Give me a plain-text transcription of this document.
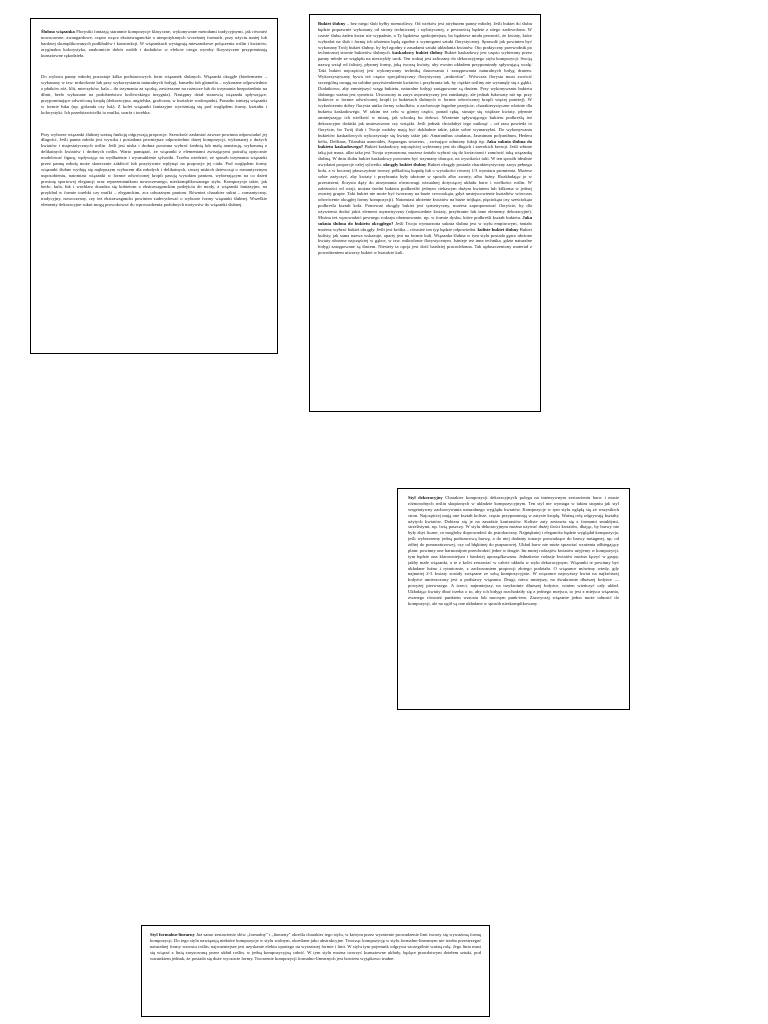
Ślubna wiązanka Florystki fantazją starannie kompozycje klasyczne, wykonywane metodami tradycyjnymi, jak również nowoczesne, awangardowe, często wręcz ekstrawaganckie o niespotykanych wcześniej formach, przy użyciu mniej lub bardziej skomplikowanych podkładów i konstrukcji. W wiązankach występują mieszankowe połączenia roślin i kwiatów, oryginalna kolorystyka, znakomicie dobór ozdób i dodatków w efekcie czego wyroby florystyczne przypominają kunsztowne rękodzieła.

Do wyboru panny młodej pozostaje kilka podstawowych form wiązanek ślubnych. Wiązanki okrągłe (biedermeier – wykonany w tzw. mikrolonie lub przy wykorzystaniu naturalnych łodyg), kameliu lub glamelia – wykonane odpowiednio z płatków róż, lilii, mieczyków, kala – do trzymania za rączkę, zawieszone na rożnicze lub do trzymania bezpośrednio na dłoni, berło wykonane na podobieństwo królewskiego insygnia). Następny dział stanowią wiązanki spływające, przypominające odwróconą kroplę (dekoracyjna, angielska, graficzna, w kształcie wodospadu). Ponadto istnieją wiązanki w formie łuku (np. girlanda czy luk). Z kolei wiązanki fantazyjne wyróżniają się pod względem formy, kształtu i kolorystyki. Ich przedstawicielki to mufka, szarfa i torebka.

Przy wyborze wiązanki ślubnej ważną funkcję odgrywają proporcje. Szerokość zasłaniać zawsze powinna odpowiadać jej długości. Jeśli panna młoda jest wysoka i posiadana pewniejsze odpowiednio dużej kompozycji, wykonanej z dużych kwiatów i majestatycznych roślin. Jeśli jest niska i drobna powinna wybrać średnią lub małą aranżację, wykonaną z delikatnych kwiatów i drobnych roślin. Warto pamiętać, że wiązanki z elementami zwisającymi potrafią optycznie modelować figurę, wpływając na wydłużenie i wysmuklenie sylwetki. Trzeba wiedzieć, że sposób trzymania wiązanki przez pannę młodą może skutecznie zakłócić lub pozytywnie wpłynąć na proporcje jej ciała. Pod względem formy wiązanki ślubne wydają się najlepszym wyborem dla młodych i delikatnych, raczej niskich dziewcząt o romantycznym usposobieniu, natomiast wiązanki w formie odwróconej kropli pasują wysokim paniom, wybierającym na co dzień prostotę sportowej elegancji oraz reprezentantkom nowoczesnego, nieskomplikowanego stylu. Kompozycje takie, jak berło, kula, łuk i wachlarz doradza się kobietom o ekstrawaganckim podejściu do mody, a wiązanki fantazyjne, na przykład w formie torebki czy mufki – eleganckim, acz odważnym paniom. Również charakter sukni – romantyczny, tradycyjny, nowoczesny, czy też ekstrawagancki powinien zadecydować o wyborze formy wiązanki ślubnej. Wszelkie elementy dekoracyjne sukni mogą prowokować do wprowadzenia podobnych motywów do wiązanki ślubnej.

Bukiet ślubny – bez niego ślub byłby niemożliwy. Od wieków jest atrybutem panny młodej. Jeśli bukiet do ślubu będzie poprawnie wykonany od strony technicznej i stylistycznej, z pewnością będzie z niego zadowolona. W czasie ślubu żaden kwiat nie wypadnie, a Ty będziesz spokojniejsza, bo będziesz miała pewność, że kwiaty, które wybrałaś na ślub i formę ich ułożenia będą zgodne z wymogami sztuki florystycznej. Sprawdź jak powinien być wykonany Twój bukiet ślubny, by był zgodny z zasadami sztuki układania kwiatów. Oto praktyczny przewodnik po technicznej stronie bukietów ślubnych. kaskadowy bukiet ślubny Bukiet kaskadowy jest często wybierany przez panny młode ze względu na niezwykły urok. Ten rodzaj jest zaliczany do dekoracyjnego stylu kompozycji. Swoją nazwę wziął od falistej, płynnej formy, jaką tworzą kwiaty, aby ewoim układem przypominały spływającą wodę. Taki bukiet najczęściej jest wykonywany techniką drutowania i zastępowania naturalnych łodyg drutem. Wykorzystywany bywa też często specjalistyczny florystyczny „mikrofon". Wówczas florysta musi zwrócić szczególną uwagę na solidne przytwierdzenie kwiatów i przybrania tak, by ciężkie rośliny nie wysunęły się z gąbki. Dodatkowo, aby zmniejszyć wagę bukietu, naturalne łodygi zastępowane są drutem. Przy wykonywaniu bukietu ślubnego ważna jest symetria. Utworzony tu zarys asymetryczny jest zamknięty, ale jednak łukowaty niż np. przy bukiecie w formie odwróconej kropli (o bukietach ślubnych w formie odwróconej kropli więcej poniżej). W wykończeniu dobry florysta unika formy schodków, a zachowuje łagodne przejście, charakterystyczne właśnie dla bukietu kaskadowego. W takim też celu w górnej części, ponad rękę, stosuje się większe kwiaty, płynnie zmniejszając ich wielkość w miarę, jak schodzą ku dołowi. Wrażenie spływającego bukietu podkreślą też dekoracyjne dodatki jak umieszczone czy wstążki. Jeśli jednak chciałabyś tego uniknąć – od razu powiedz to floryście, bo Twój ślub i Twoje ozdoby mają być dokładnie takie, jakie sobie wymarzyłaś. Do wykonywania bukietów kaskadowych wykorzystuje się kwiaty takie jak: Amaranthus caudatus, Jasminum polyanthum, Hedera helix, Delfinas, Tilandsia usneoides, Asparagus setaceus, , zwisające odmiany fuksji itp. Jaka suknia ślubna do bukietu kaskadowego? Bukiet kaskadowy najczęściej wybierany jest do długich i szerokich kreacji. Jeśli wbinie taką już masz, albo taka jest Twoja wymarzona, możesz śmiało wybrać się do kwiaciarni i zamówić taką wiązankę ślubną. W dniu ślubu bukiet kaskadowy powinien być trzymany oburącz, na wysokości talii. W ten sposób idealnie uwydatni proporcje całej sylwetki. okrągły bukiet ślubny Bukiet okrągły posiada charakterystyczny zarys pełnego koła, a w bocznej płaszczyźnie tworzy półkolistą kopułę lub o wysokości równej 1/3 wymiaru promienia. Możesz sobie zażyczyć, aby kwiaty i przybrania były ułożone w sposób albo zwarty, albo luźny. Rozkładając je w przestrzeni, florysta dąży do utrzymania równowagi wizualnej dotyczącej układu barw i wielkości roślin. W zależności od wizji, można średni bukietu podkreślić jednym ciekawym dużym kwiatem lub kilkoma w jednej zwartej grupie. Taki bukiet nie może być tworzony na bazie czworokąta, gdyż umiejscowienie kształtów wówczas odwrócenie okrągłej formy kompozycji). Natomiast ułożenie kwiatów na bazie trójkąta, pięciokąta czy sześciokąta podkreśla kształt koła. Ponieważ okrągły bukiet jest symetryczny, możesz zaproponować floryście, by dla ożywienia dodać jakiś element asymetryczny (odpowiednie kwiaty, przybranie lub inne elementy dekoracyjne). Można też wprowadzić pewnego rodzaju obramowanie, np. w formie dysku, które podkreśli kształt bukietu. Jaka suknia ślubna do bukietu okrągłego? Jeśli Twoja wymarzona suknia ślubna jest w stylu empirowym, śmiało możesz wybrać bukiet okrągły. Jeśli jest krótka – również ten typ będzie odpowiedni. kuliste bukiet ślubny Bukiet kulisty, jak sama nazwa wskazuje, oparty jest na formie kuli. Wiązanka ślubna w tym stylu posiada gęsto ułożone kwiaty ułożone najczęściej w gąbce, w tzw. mikrofonie florystycznym. Istnieje też inna technika, gdzie naturalne łodygi zastępowane są drutem. Niestety ta opcja jest dość bardziej pracochłonna. Tak upłaszczeniony materiał z powodzeniem utworzy bukiet w kształcie kuli.

Styl dekoracyjny Charakter kompozycji dekoracyjnych polega na intensywnym zestawieniu barw i masie różnorodnych roślin skupionych w układzie kompozycyjnym. Ten styl nie wymaga w takim stopniu jak styl wegetatywny zachowywania naturalnego wyglądu kwiatów. Kompozycje w tym stylu oglądą się ze wszystkich stron. Najczęściej mają one kształt koliste, często przypominają w zarysie kroplę. Ważną rolę odgrywają kształty użytych kwiatów. Dobiera się je na zasadzie kontrastów. Koliste zaty zestawia się z formami smukłymi, strzelistymi, np. lwią paszczy. W stylu dekoracyjnym można używać dużej ilości kwiatów, dbając, by barwy nie były zbyt liczne, co mogłoby doprowadzić do pstrokacizny. Najpiękniej i elegancko będzie wyglądał kompozycja, jeśli wybierzemy jedną podstawową barwę, a do niej dodamy tonacje prowadzące do barwy następnej, np. od żółtej do pomarańczowej, czy od błękitnej do purpurowej. Układ barw nie może sprawiać wrażenia odbiegający plam: powinny one harmonijnie przechodzić jedne w drugie. Im mniej rodzajów kwiatów użyjemy w kompozycji, tym będzie ona klarowniejsza i bardziej uporządkowana. Jednakowe rodzaje kwiatów można łączyć w grupy, jakby małe wiązanki, a te z kolei zestawiać w całość układu w stylu dekoracyjnym. Wiązanki te powinny być układane luźno i rytmicznie, z zachowaniem proporcji złotego podziału. O wiązance mówimy wtedy, gdy najmniej 2-3 kwiaty zostały związane ze sobą kompozycyjnie. W wiązance najwyższy kwiat na najkrótszej łodyżce umieszczony jest u podstawy wiązania. Drugi, nieco mniejszy, na dwukrotnie dłuższej łodyżce — powyżej pierwszego. A trzeci, najmniejszy, na trzykrotnie dłuższej łodyżce, winien wieńczyć cały układ. Układając kwiaty dbać trzeba o to, aby ich łodygi rozchodziły się z jednego miejsca, to jest z miejsca wiązania, zwanego również punktem wzrostu lub mocnym punk-tem. Zazwyczaj wiązanie jedno może odnosić do kompozycji, ale na ogół są one układane w sposób nieskomplikowany .

Styl formalno-linearny Już samo zestawienie słów „formalny" i „linearny" określa charakter tego stylu, w którym przez wyrażenie prowadzenie linii tworzy się wyważoną formę kompozycji. Do tego stylu nawiązują niektóre kompozycje w stylu wolnym, określane jako abstrakcyjne. Tworząc kompozycję w stylu formalno-linearnym nie trzeba przestrzegać naturalnej formy wzrostu roślin, najważniejsze jest uzyskanie efektu opartego na wyrazistej formie i linii. W stylu tym pojemnik odgrywa szczególnie ważną rolę. Jego linia musi się wiązać z linią zarysowaną przez układ roślin, w jedną kompozycyjną całość. W tym stylu można tworzyć kunsztowne układy, będące prawdziwym dziełem sztuki, pod warunkiem jednak, że posiada się duże wyczucie formy. Tworzenie kompozycji formalno-linearnych jest bowiem wyjątkowo trudne.
